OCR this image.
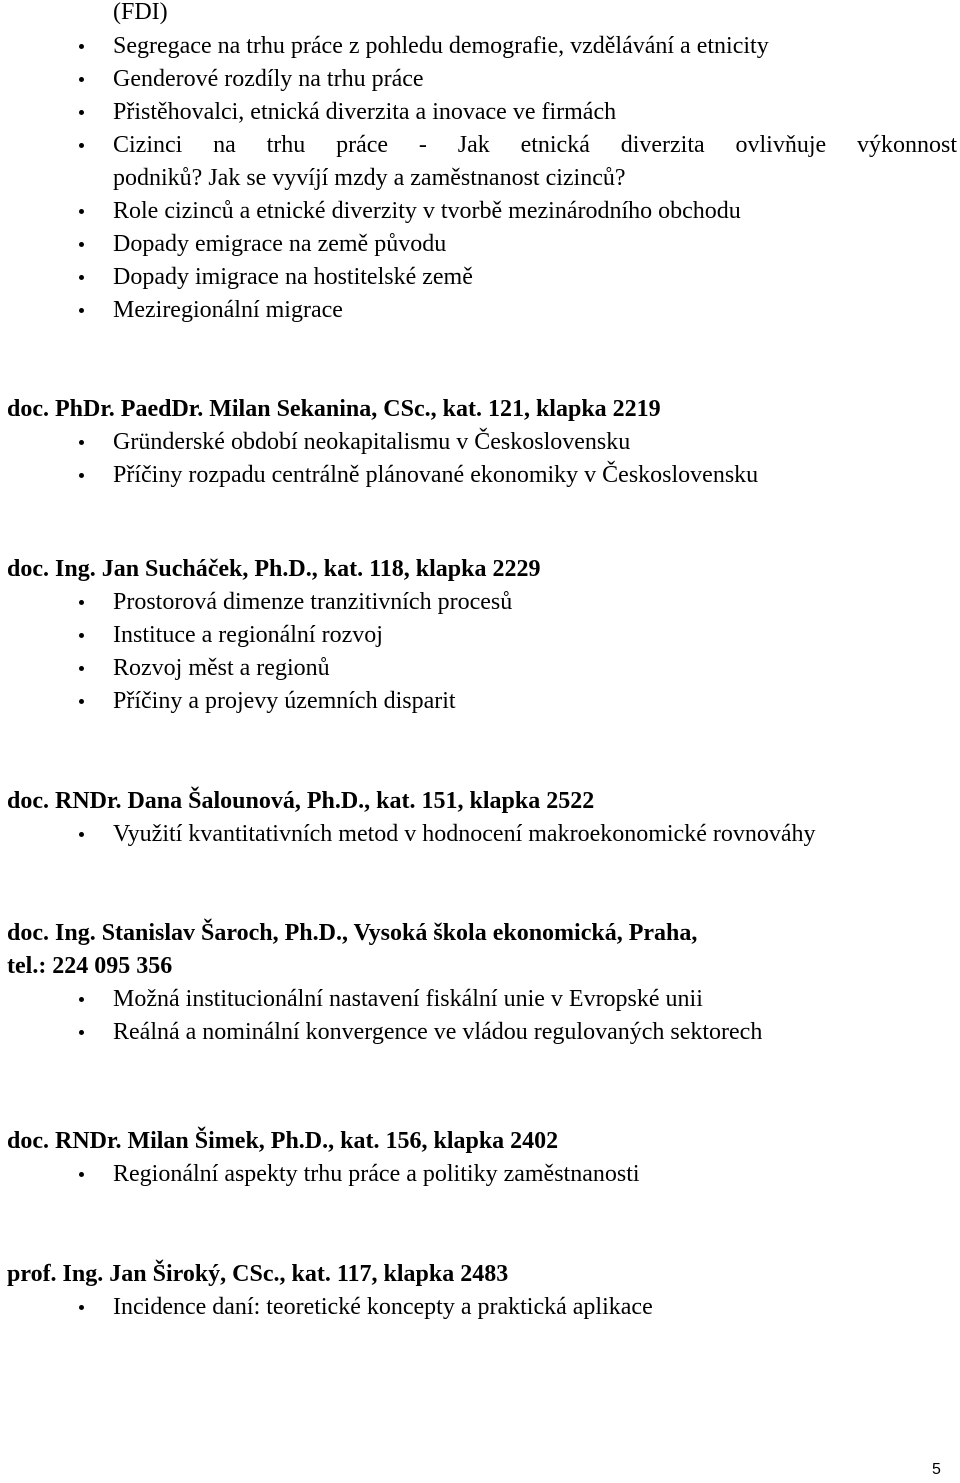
(FDI)
Segregace na trhu práce z pohledu demografie, vzdělávání a etnicity
Genderové rozdíly na trhu práce
Přistěhovalci, etnická diverzita a inovace ve firmách
Cizinci na trhu práce - Jak etnická diverzita ovlivňuje výkonnost
podniků? Jak se vyvíjí mzdy a zaměstnanost cizinců?
Role cizinců a etnické diverzity v tvorbě mezinárodního obchodu
Dopady emigrace na země původu
Dopady imigrace na hostitelské země
Meziregionální migrace
doc. PhDr. PaedDr. Milan Sekanina, CSc., kat. 121, klapka 2219
Gründerské období neokapitalismu v Československu
Příčiny rozpadu centrálně plánované ekonomiky v Československu
doc. Ing. Jan Sucháček, Ph.D., kat. 118, klapka 2229
Prostorová dimenze tranzitivních procesů
Instituce a regionální rozvoj
Rozvoj měst a regionů
Příčiny a projevy územních disparit
doc. RNDr. Dana Šalounová, Ph.D., kat. 151, klapka 2522
Využití kvantitativních metod v hodnocení makroekonomické rovnováhy
doc. Ing. Stanislav Šaroch, Ph.D., Vysoká škola ekonomická, Praha,
tel.: 224 095 356
Možná institucionální nastavení fiskální unie v Evropské unii
Reálná a nominální konvergence ve vládou regulovaných sektorech
doc. RNDr. Milan Šimek, Ph.D., kat. 156, klapka 2402
Regionální aspekty trhu práce a politiky zaměstnanosti
prof. Ing. Jan Široký, CSc., kat. 117, klapka 2483
Incidence daní: teoretické koncepty a praktická aplikace
5
